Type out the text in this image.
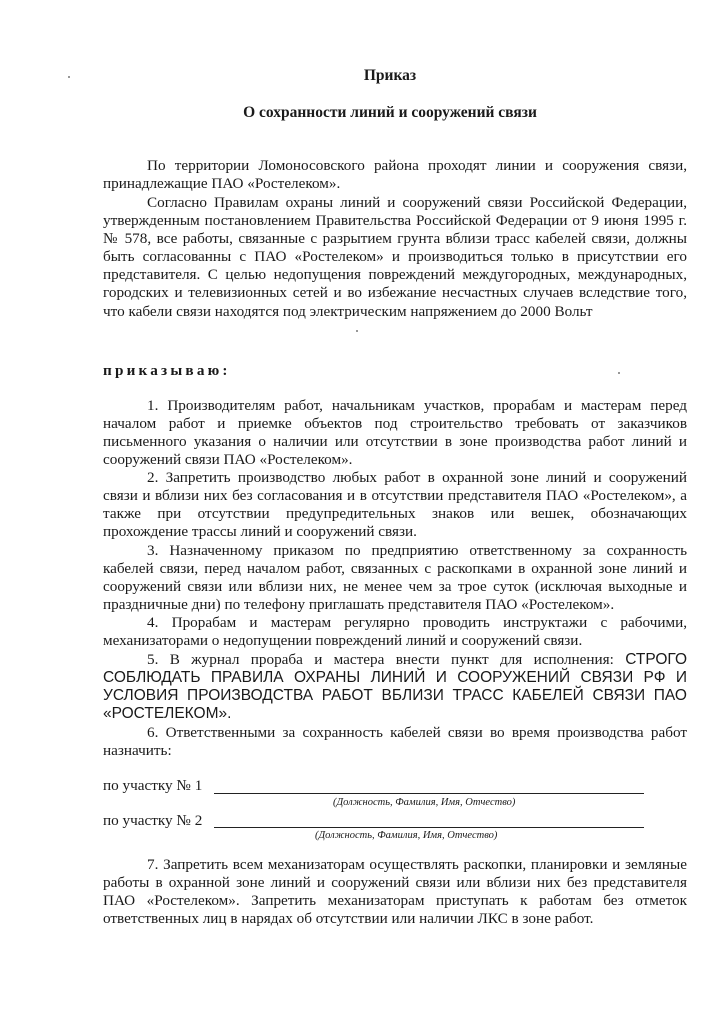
Приказ

О сохранности линий и сооружений связи

По территории Ломоносовского района проходят линии и сооружения связи, принадлежащие ПАО «Ростелеком».

Согласно Правилам охраны линий и сооружений связи Российской Федерации, утвержденным постановлением Правительства Российской Федерации от 9 июня 1995 г. № 578, все работы, связанные с разрытием грунта вблизи трасс кабелей связи, должны быть согласованны с ПАО «Ростелеком» и производиться только в присутствии его представителя. С целью недопущения повреждений междугородных, международных, городских и телевизионных сетей и во избежание несчастных случаев вследствие того, что кабели связи находятся под электрическим напряжением до 2000 Вольт

приказываю:

1. Производителям работ, начальникам участков, прорабам и мастерам перед началом работ и приемке объектов под строительство требовать от заказчиков письменного указания о наличии или отсутствии в зоне производства работ линий и сооружений связи ПАО «Ростелеком».

2. Запретить производство любых работ в охранной зоне линий и сооружений связи и вблизи них без согласования и в отсутствии представителя ПАО «Ростелеком», а также при отсутствии предупредительных знаков или вешек, обозначающих прохождение трассы линий и сооружений связи.

3. Назначенному приказом по предприятию ответственному за сохранность кабелей связи, перед началом работ, связанных с раскопками в охранной зоне линий и сооружений связи или вблизи них, не менее чем за трое суток (исключая выходные и праздничные дни) по телефону приглашать представителя ПАО «Ростелеком».

4. Прорабам и мастерам регулярно проводить инструктажи с рабочими, механизаторами о недопущении повреждений линий и сооружений связи.

5. В журнал прораба и мастера внести пункт для исполнения: СТРОГО СОБЛЮДАТЬ ПРАВИЛА ОХРАНЫ ЛИНИЙ И СООРУЖЕНИЙ СВЯЗИ РФ И УСЛОВИЯ ПРОИЗВОДСТВА РАБОТ ВБЛИЗИ ТРАСС КАБЕЛЕЙ СВЯЗИ ПАО «РОСТЕЛЕКОМ».

6. Ответственными за сохранность кабелей связи во время производства работ назначить:

по участку № 1

(Должность, Фамилия, Имя, Отчество)

по участку № 2

(Должность, Фамилия, Имя, Отчество)

7. Запретить всем механизаторам осуществлять раскопки, планировки и земляные работы в охранной зоне линий и сооружений связи или вблизи них без представителя ПАО «Ростелеком». Запретить механизаторам приступать к работам без отметок ответственных лиц в нарядах об отсутствии или наличии ЛКС в зоне работ.
